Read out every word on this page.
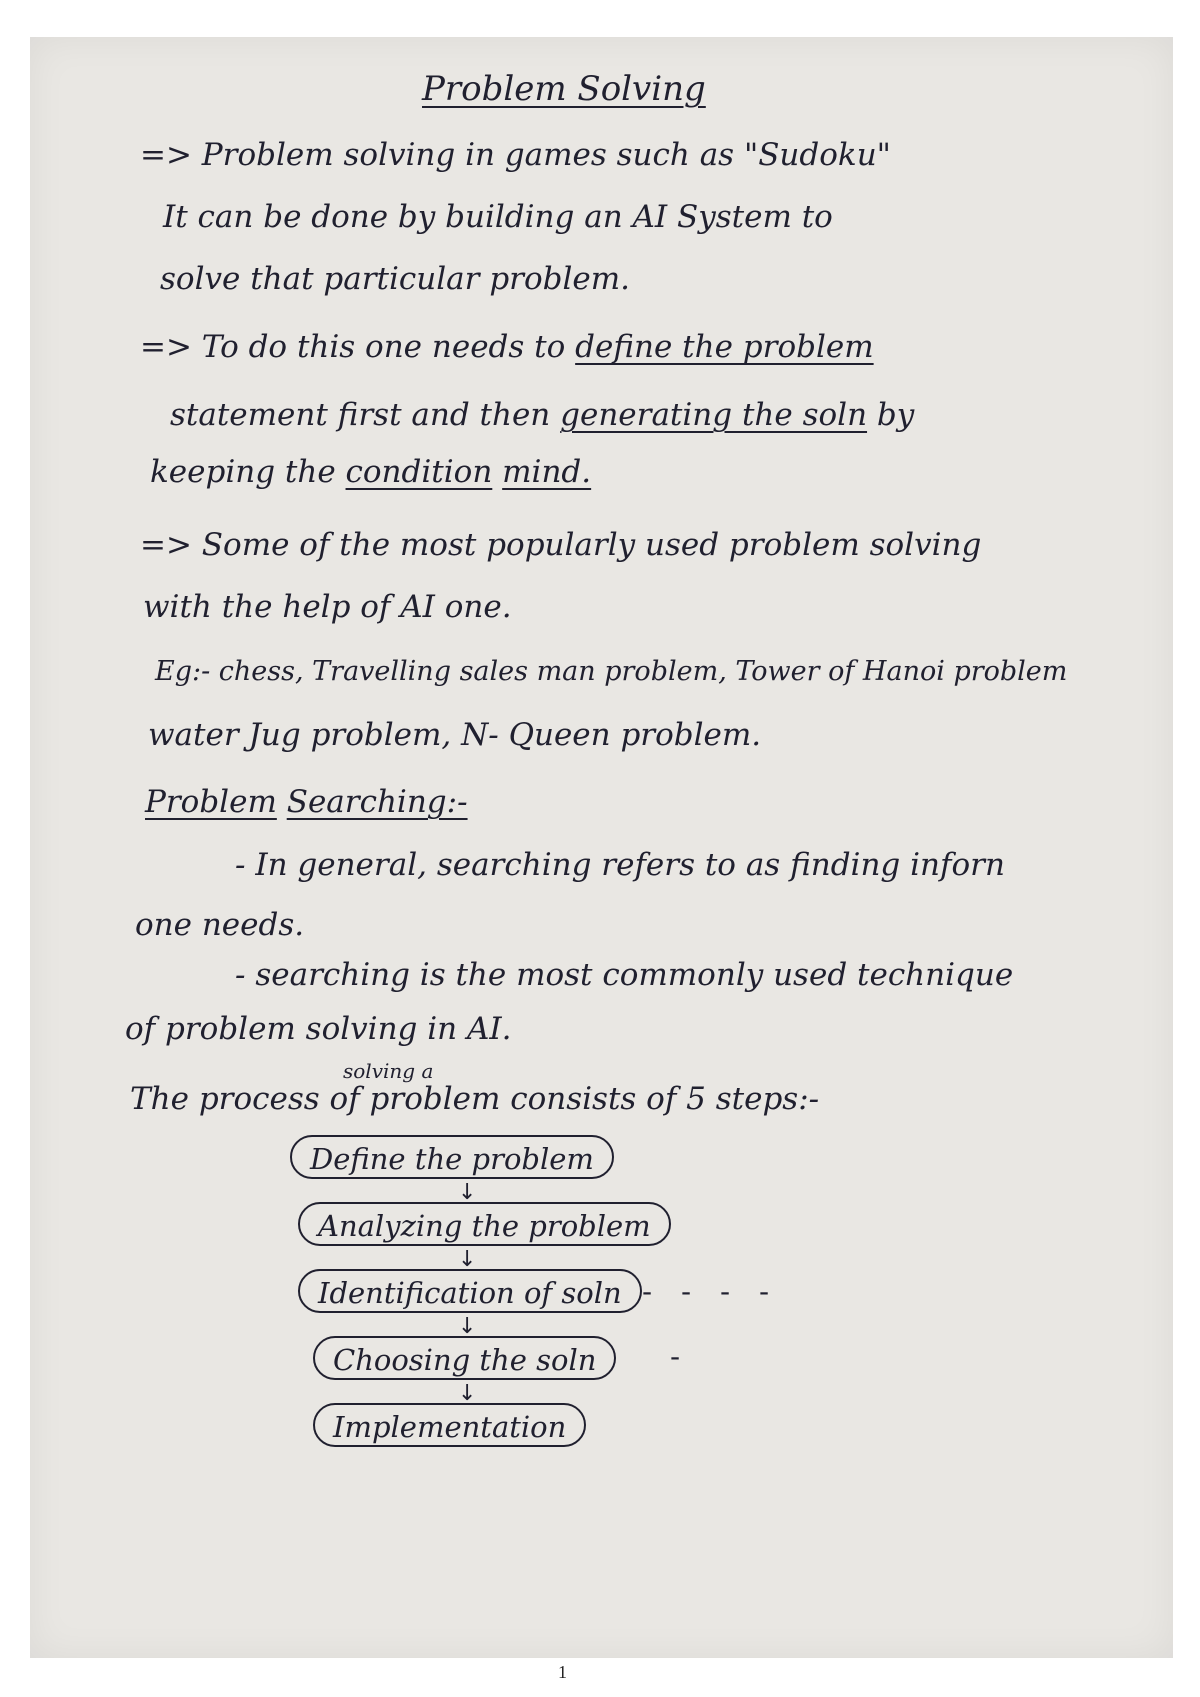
Problem Solving
=> Problem solving in games such as "Sudoku"
It can be done by building an AI System to
solve that particular problem.
=> To do this one needs to define the problem
statement first and then generating the soln by
keeping the condition mind.
=> Some of the most popularly used problem solving
with the help of AI one.
Eg:- chess, Travelling sales man problem, Tower of Hanoi problem
water Jug problem, N- Queen problem.
Problem Searching:-
- In general, searching refers to as finding inforn
one needs.
- searching is the most commonly used technique
of problem solving in AI.
solving a
The process of problem consists of 5 steps:-
Define the problem
↓
Analyzing the problem
↓
Identification of soln - - - -
↓
Choosing the soln	-
↓
Implementation
1
